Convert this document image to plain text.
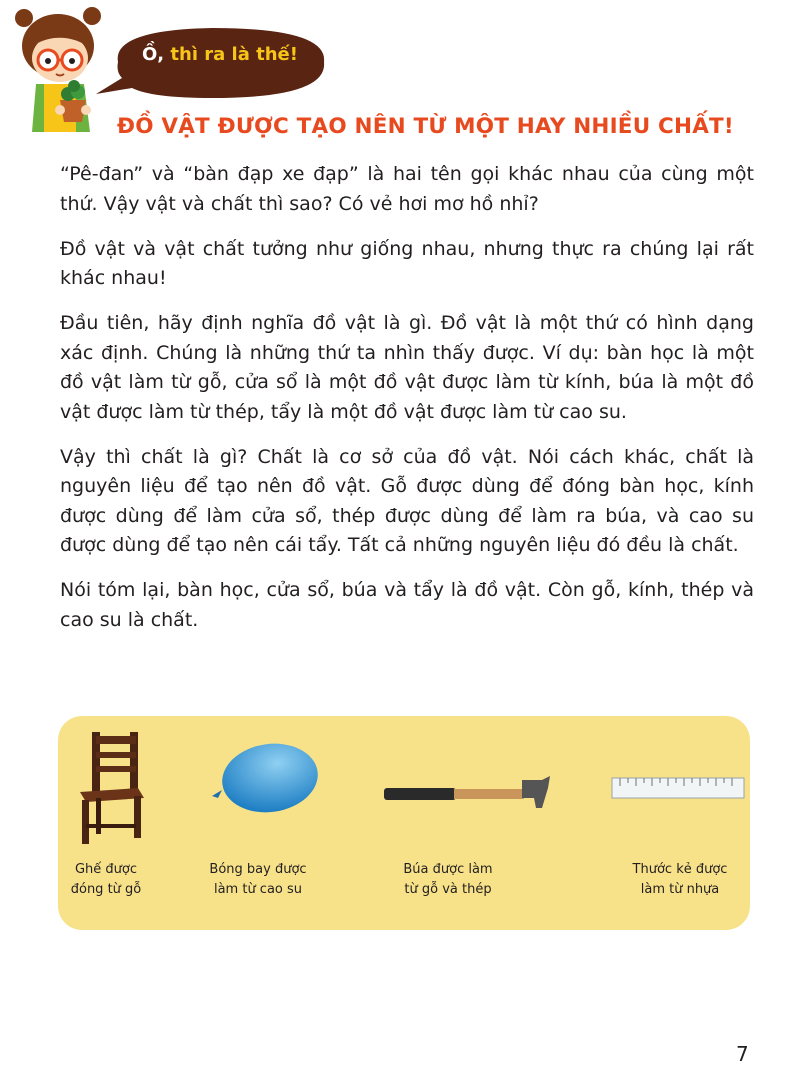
Ồ, thì ra là thế!
ĐỒ VẬT ĐƯỢC TẠO NÊN TỪ MỘT HAY NHIỀU CHẤT!

“Pê-đan” và “bàn đạp xe đạp” là hai tên gọi khác nhau của cùng một thứ. Vậy vật và chất thì sao? Có vẻ hơi mơ hồ nhỉ?

Đồ vật và vật chất tưởng như giống nhau, nhưng thực ra chúng lại rất khác nhau!

Đầu tiên, hãy định nghĩa đồ vật là gì. Đồ vật là một thứ có hình dạng xác định. Chúng là những thứ ta nhìn thấy được. Ví dụ: bàn học là một đồ vật làm từ gỗ, cửa sổ là một đồ vật được làm từ kính, búa là một đồ vật được làm từ thép, tẩy là một đồ vật được làm từ cao su.

Vậy thì chất là gì? Chất là cơ sở của đồ vật. Nói cách khác, chất là nguyên liệu để tạo nên đồ vật. Gỗ được dùng để đóng bàn học, kính được dùng để làm cửa sổ, thép được dùng để làm ra búa, và cao su được dùng để tạo nên cái tẩy. Tất cả những nguyên liệu đó đều là chất.

Nói tóm lại, bàn học, cửa sổ, búa và tẩy là đồ vật. Còn gỗ, kính, thép và cao su là chất.

Ghế được
đóng từ gỗ
Bóng bay được
làm từ cao su
Búa được làm
từ gỗ và thép
Thước kẻ được
làm từ nhựa
7
